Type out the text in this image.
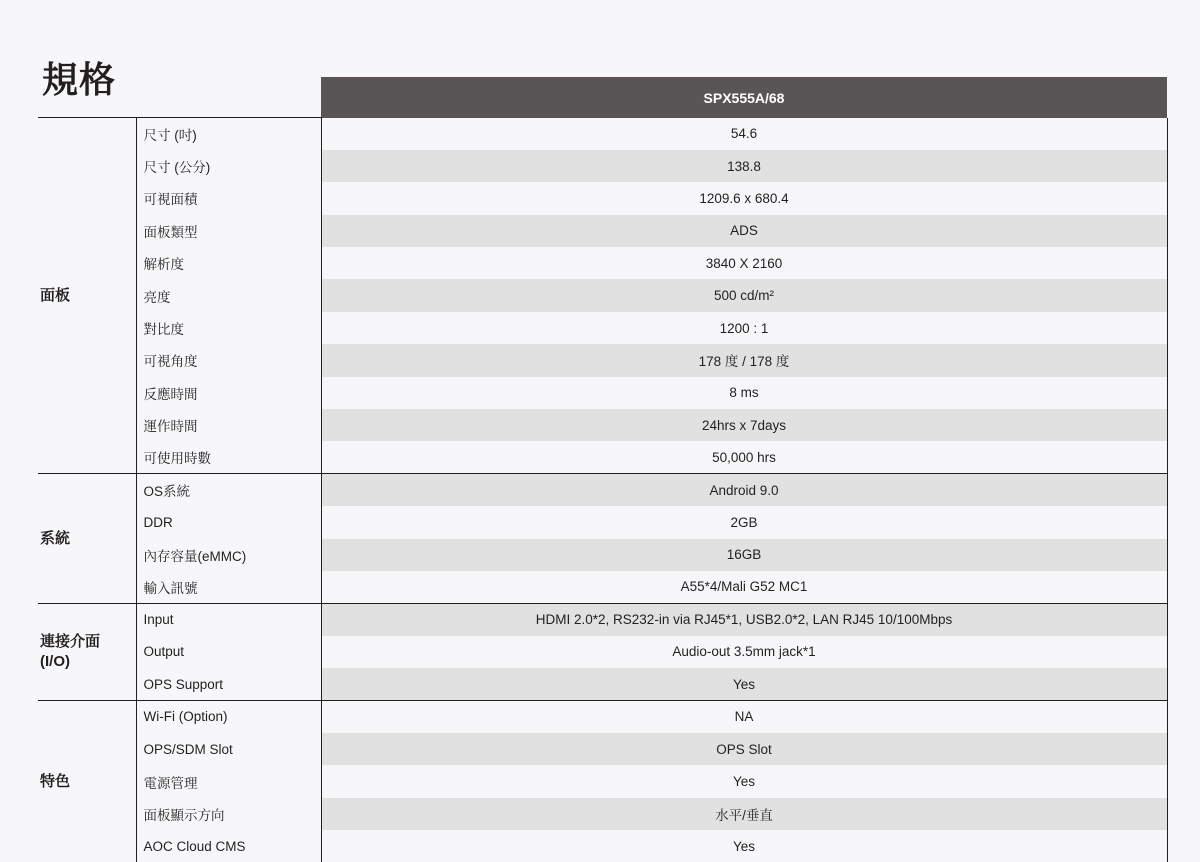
規格	SPX555A/68
面板	尺寸 (吋)	54.6
	尺寸 (公分)	138.8
	可視面積	1209.6 x 680.4
	面板類型	ADS
	解析度	3840 X 2160
	亮度	500 cd/m²
	對比度	1200 : 1
	可視角度	178 度 / 178 度
	反應時間	8 ms
	運作時間	24hrs x 7days
	可使用時數	50,000 hrs
系統	OS系統	Android 9.0
	DDR	2GB
	內存容量(eMMC)	16GB
	輸入訊號	A55*4/Mali G52 MC1
連接介面
(I/O)	Input	HDMI 2.0*2, RS232-in via RJ45*1, USB2.0*2, LAN RJ45 10/100Mbps
	Output	Audio-out 3.5mm jack*1
	OPS Support	Yes
特色	Wi-Fi (Option)	NA
	OPS/SDM Slot	OPS Slot
	電源管理	Yes
	面板顯示方向	水平/垂直
	AOC Cloud CMS	Yes
